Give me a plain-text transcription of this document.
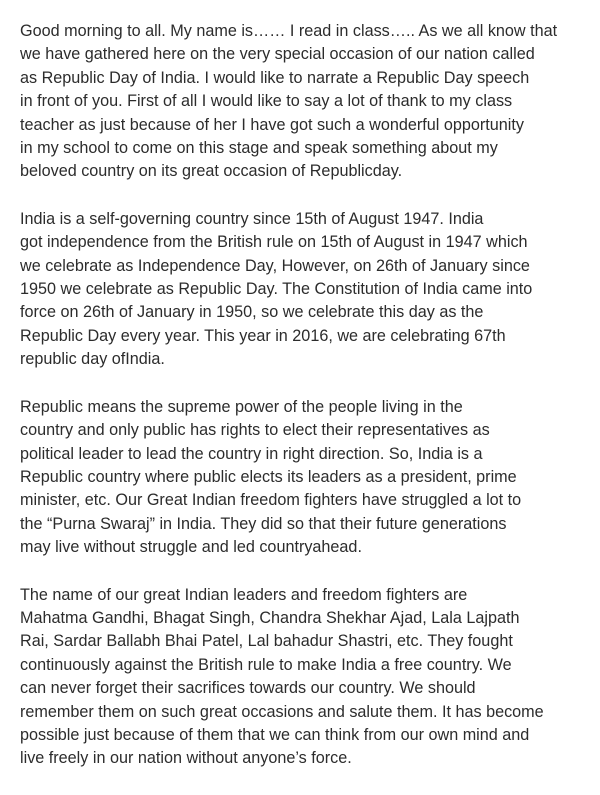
Good morning to all. My name is…… I read in class….. As we all know that
we have gathered here on the very special occasion of our nation called
as Republic Day of India. I would like to narrate a Republic Day speech
in front of you. First of all I would like to say a lot of thank to my class
teacher as just because of her I have got such a wonderful opportunity
in my school to come on this stage and speak something about my
beloved country on its great occasion of Republicday.

India is a self-governing country since 15th of August 1947. India
got independence from the British rule on 15th of August in 1947 which
we celebrate as Independence Day, However, on 26th of January since
1950 we celebrate as Republic Day. The Constitution of India came into
force on 26th of January in 1950, so we celebrate this day as the
Republic Day every year. This year in 2016, we are celebrating 67th
republic day ofIndia.

Republic means the supreme power of the people living in the
country and only public has rights to elect their representatives as
political leader to lead the country in right direction. So, India is a
Republic country where public elects its leaders as a president, prime
minister, etc. Our Great Indian freedom fighters have struggled a lot to
the “Purna Swaraj” in India. They did so that their future generations
may live without struggle and led countryahead.

The name of our great Indian leaders and freedom fighters are
Mahatma Gandhi, Bhagat Singh, Chandra Shekhar Ajad, Lala Lajpath
Rai, Sardar Ballabh Bhai Patel, Lal bahadur Shastri, etc. They fought
continuously against the British rule to make India a free country. We
can never forget their sacrifices towards our country. We should
remember them on such great occasions and salute them. It has become
possible just because of them that we can think from our own mind and
live freely in our nation without anyone’s force.
